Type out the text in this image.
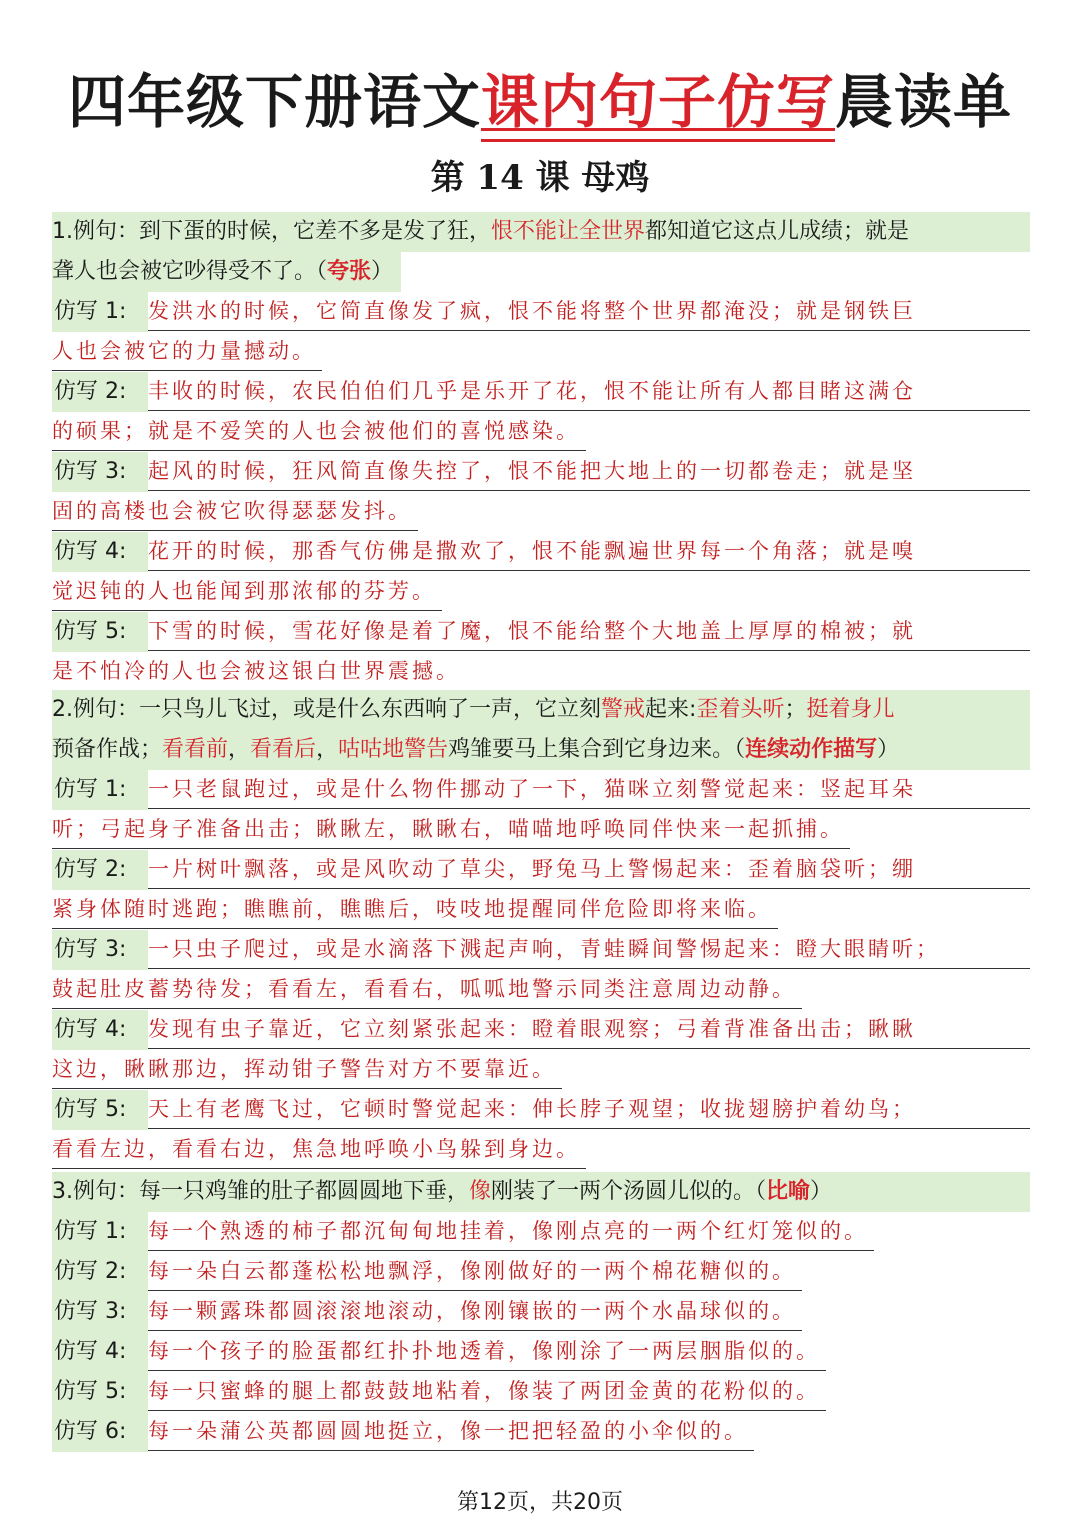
四年级下册语文课内句子仿写晨读单
第 14 课 母鸡
1.例句：到下蛋的时候，它差不多是发了狂，恨不能让全世界都知道它这点儿成绩；就是
聋人也会被它吵得受不了。（夸张）
仿写 1:	发洪水的时候，它简直像发了疯，恨不能将整个世界都淹没；就是钢铁巨
人也会被它的力量撼动。
仿写 2:	丰收的时候，农民伯伯们几乎是乐开了花，恨不能让所有人都目睹这满仓
的硕果；就是不爱笑的人也会被他们的喜悦感染。
仿写 3:	起风的时候，狂风简直像失控了，恨不能把大地上的一切都卷走；就是坚
固的高楼也会被它吹得瑟瑟发抖。
仿写 4:	花开的时候，那香气仿佛是撒欢了，恨不能飘遍世界每一个角落；就是嗅
觉迟钝的人也能闻到那浓郁的芬芳。
仿写 5:	下雪的时候，雪花好像是着了魔，恨不能给整个大地盖上厚厚的棉被；就
是不怕冷的人也会被这银白世界震撼。
2.例句：一只鸟儿飞过，或是什么东西响了一声，它立刻警戒起来:歪着头听；挺着身儿
预备作战；看看前，看看后，咕咕地警告鸡雏要马上集合到它身边来。（连续动作描写）
仿写 1:	一只老鼠跑过，或是什么物件挪动了一下，猫咪立刻警觉起来：竖起耳朵
听；弓起身子准备出击；瞅瞅左，瞅瞅右，喵喵地呼唤同伴快来一起抓捕。
仿写 2:	一片树叶飘落，或是风吹动了草尖，野兔马上警惕起来：歪着脑袋听；绷
紧身体随时逃跑；瞧瞧前，瞧瞧后，吱吱地提醒同伴危险即将来临。
仿写 3:	一只虫子爬过，或是水滴落下溅起声响，青蛙瞬间警惕起来：瞪大眼睛听；
鼓起肚皮蓄势待发；看看左，看看右，呱呱地警示同类注意周边动静。
仿写 4:	发现有虫子靠近，它立刻紧张起来：瞪着眼观察；弓着背准备出击；瞅瞅
这边，瞅瞅那边，挥动钳子警告对方不要靠近。
仿写 5:	天上有老鹰飞过，它顿时警觉起来：伸长脖子观望；收拢翅膀护着幼鸟；
看看左边，看看右边，焦急地呼唤小鸟躲到身边。
3.例句：每一只鸡雏的肚子都圆圆地下垂，像刚装了一两个汤圆儿似的。（比喻）
仿写 1:	每一个熟透的柿子都沉甸甸地挂着，像刚点亮的一两个红灯笼似的。
仿写 2:	每一朵白云都蓬松松地飘浮，像刚做好的一两个棉花糖似的。
仿写 3:	每一颗露珠都圆滚滚地滚动，像刚镶嵌的一两个水晶球似的。
仿写 4:	每一个孩子的脸蛋都红扑扑地透着，像刚涂了一两层胭脂似的。
仿写 5:	每一只蜜蜂的腿上都鼓鼓地粘着，像装了两团金黄的花粉似的。
仿写 6:	每一朵蒲公英都圆圆地挺立，像一把把轻盈的小伞似的。
第12页，共20页
